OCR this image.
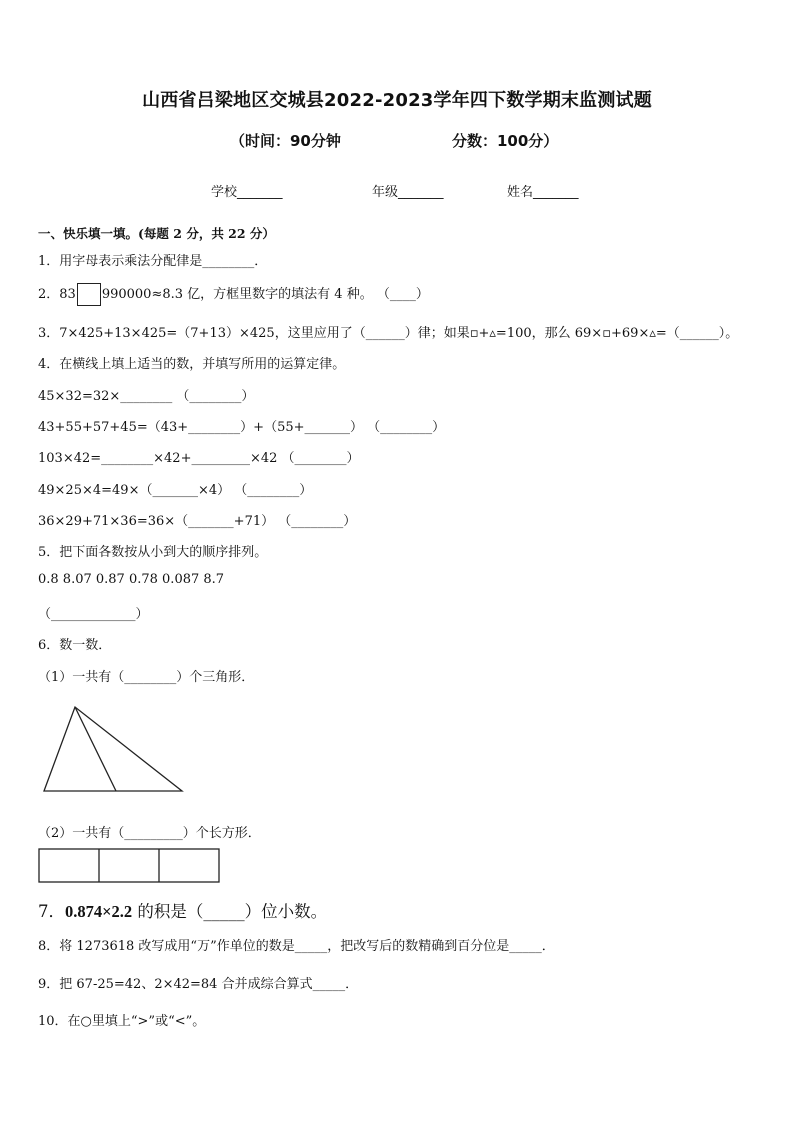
山西省吕梁地区交城县2022-2023学年四下数学期末监测试题
（时间：90分钟	分数：100分）
学校_______	年级_______	姓名_______
一、快乐填一填。(每题 2 分，共 22 分）
1．用字母表示乘法分配律是________．
2．83 990000≈8.3 亿，方框里数字的填法有 4 种。 （____）
3．7×425+13×425=（7+13）×425，这里应用了（______）律；如果▫+▵=100，那么 69×▫+69×▵=（______）。
4．在横线上填上适当的数，并填写所用的运算定律。
45×32=32×________ （________）
43+55+57+45=（43+________）+（55+_______） （________）
103×42=________×42+_________×42 （________）
49×25×4=49×（_______×4） （________）
36×29+71×36=36×（_______+71） （________）
5．把下面各数按从小到大的顺序排列。
0.8 8.07 0.87 0.78 0.087 8.7
（_____________）
6．数一数．
（1）一共有（________）个三角形．
（2）一共有（_________）个长方形．
7．0.874×2.2 的积是（_____）位小数。
8．将 1273618 改写成用“万”作单位的数是_____，把改写后的数精确到百分位是_____．
9．把 67-25=42、2×42=84 合并成综合算式_____．
10．在○里填上“>”或“<”。
